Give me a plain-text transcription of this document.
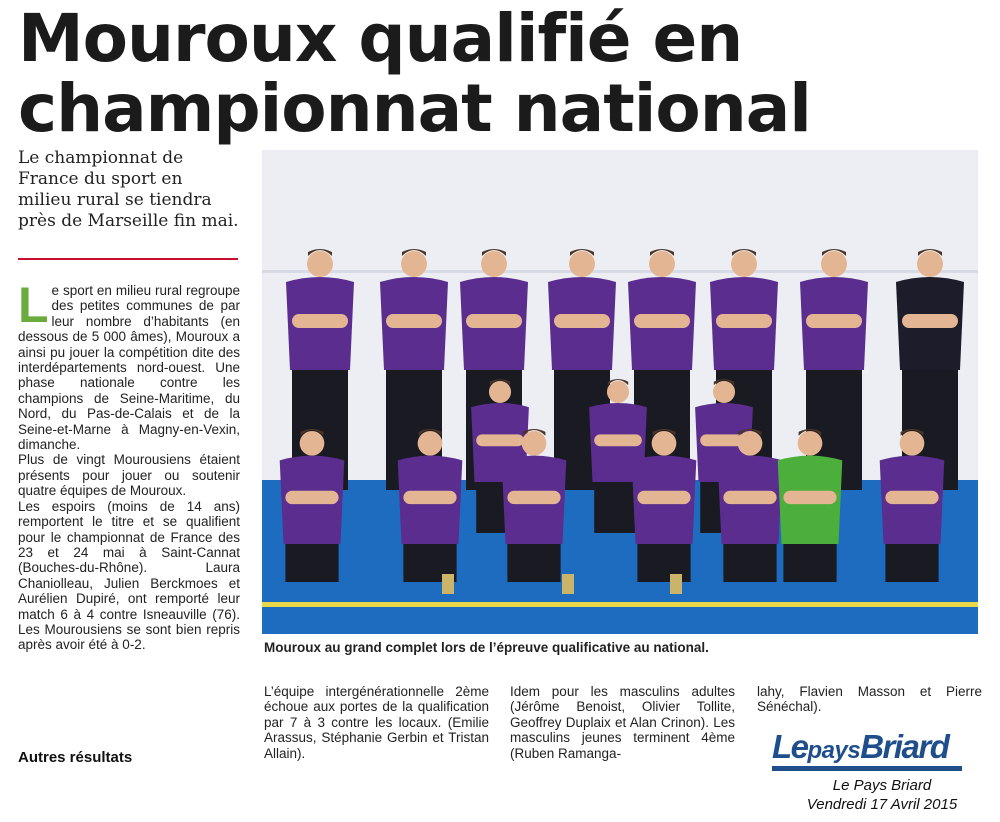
Mouroux qualifié en championnat national

Le championnat de France du sport en milieu rural se tiendra près de Marseille fin mai.

Le sport en milieu rural regroupe des petites communes de par leur nombre d’habitants (en dessous de 5 000 âmes), Mouroux a ainsi pu jouer la compétition dite des interdépartements nord-ouest. Une phase nationale contre les champions de Seine-Maritime, du Nord, du Pas-de-Calais et de la Seine-et-Marne à Magny-en-Vexin, dimanche.

Plus de vingt Mourousiens étaient présents pour jouer ou soutenir quatre équipes de Mouroux.

Les espoirs (moins de 14 ans) remportent le titre et se qualifient pour le championnat de France des 23 et 24 mai à Saint-Cannat (Bouches-du-Rhône). Laura Chaniolleau, Julien Berckmoes et Aurélien Dupiré, ont remporté leur match 6 à 4 contre Isneauville (76). Les Mourousiens se sont bien repris après avoir été à 0-2.

Autres résultats

Mouroux au grand complet lors de l’épreuve qualificative au national.

L’équipe intergénérationnelle 2ème échoue aux portes de la qualification par 7 à 3 contre les locaux. (Emilie Arassus, Stéphanie Gerbin et Tristan Allain).

Idem pour les masculins adultes (Jérôme Benoist, Olivier Tollite, Geoffrey Duplaix et Alan Crinon). Les masculins jeunes terminent 4ème (Ruben Ramanga-

lahy, Flavien Masson et Pierre Sénéchal).

LepaysBriard
Le Pays Briard
Vendredi 17 Avril 2015
